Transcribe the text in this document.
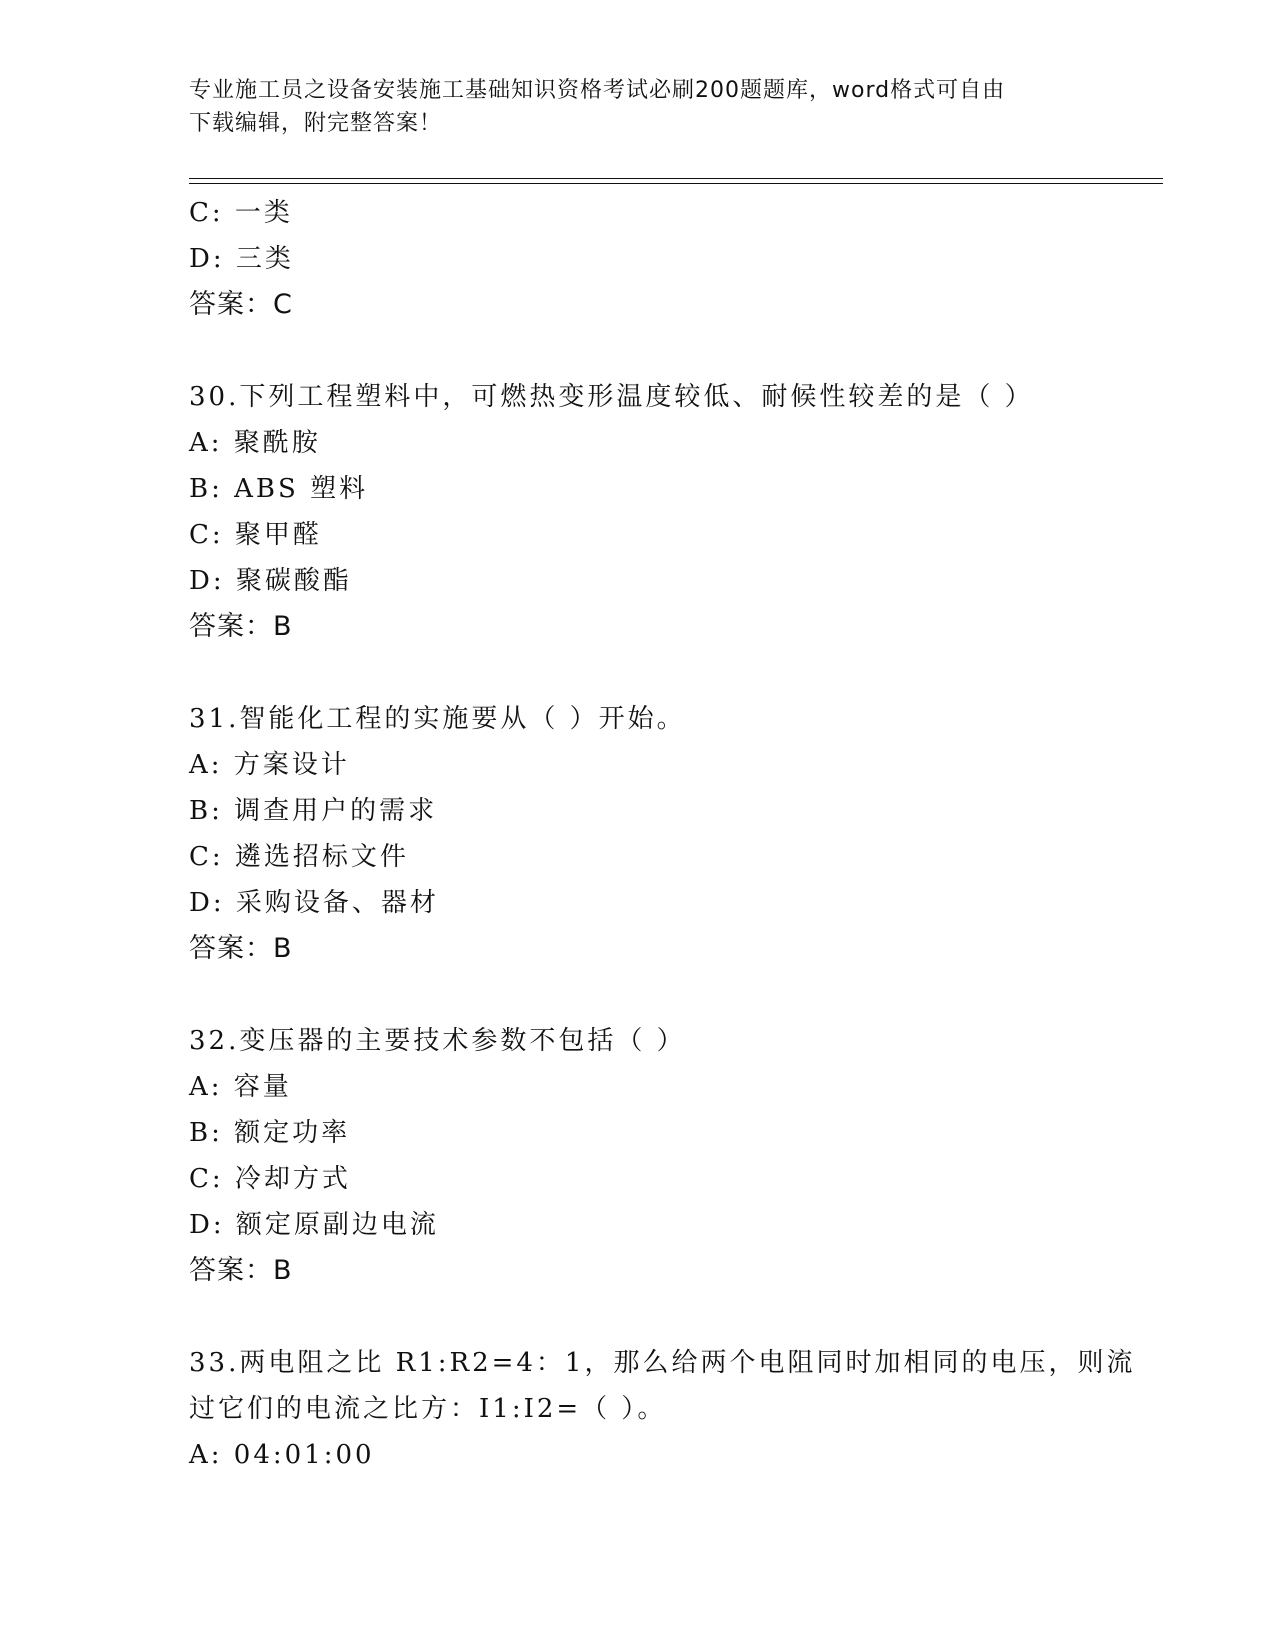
专业施工员之设备安装施工基础知识资格考试必刷200题题库，word格式可自由
下载编辑，附完整答案！
C: 一类
D: 三类
答案：C
30.下列工程塑料中，可燃热变形温度较低、耐候性较差的是（ ）
A: 聚酰胺
B: ABS 塑料
C: 聚甲醛
D: 聚碳酸酯
答案：B
31.智能化工程的实施要从（ ）开始。
A: 方案设计
B: 调查用户的需求
C: 遴选招标文件
D: 采购设备、器材
答案：B
32.变压器的主要技术参数不包括（ ）
A: 容量
B: 额定功率
C: 冷却方式
D: 额定原副边电流
答案：B
33.两电阻之比 R1:R2=4：1，那么给两个电阻同时加相同的电压，则流
过它们的电流之比方：I1:I2=（ ）。
A: 04:01:00
